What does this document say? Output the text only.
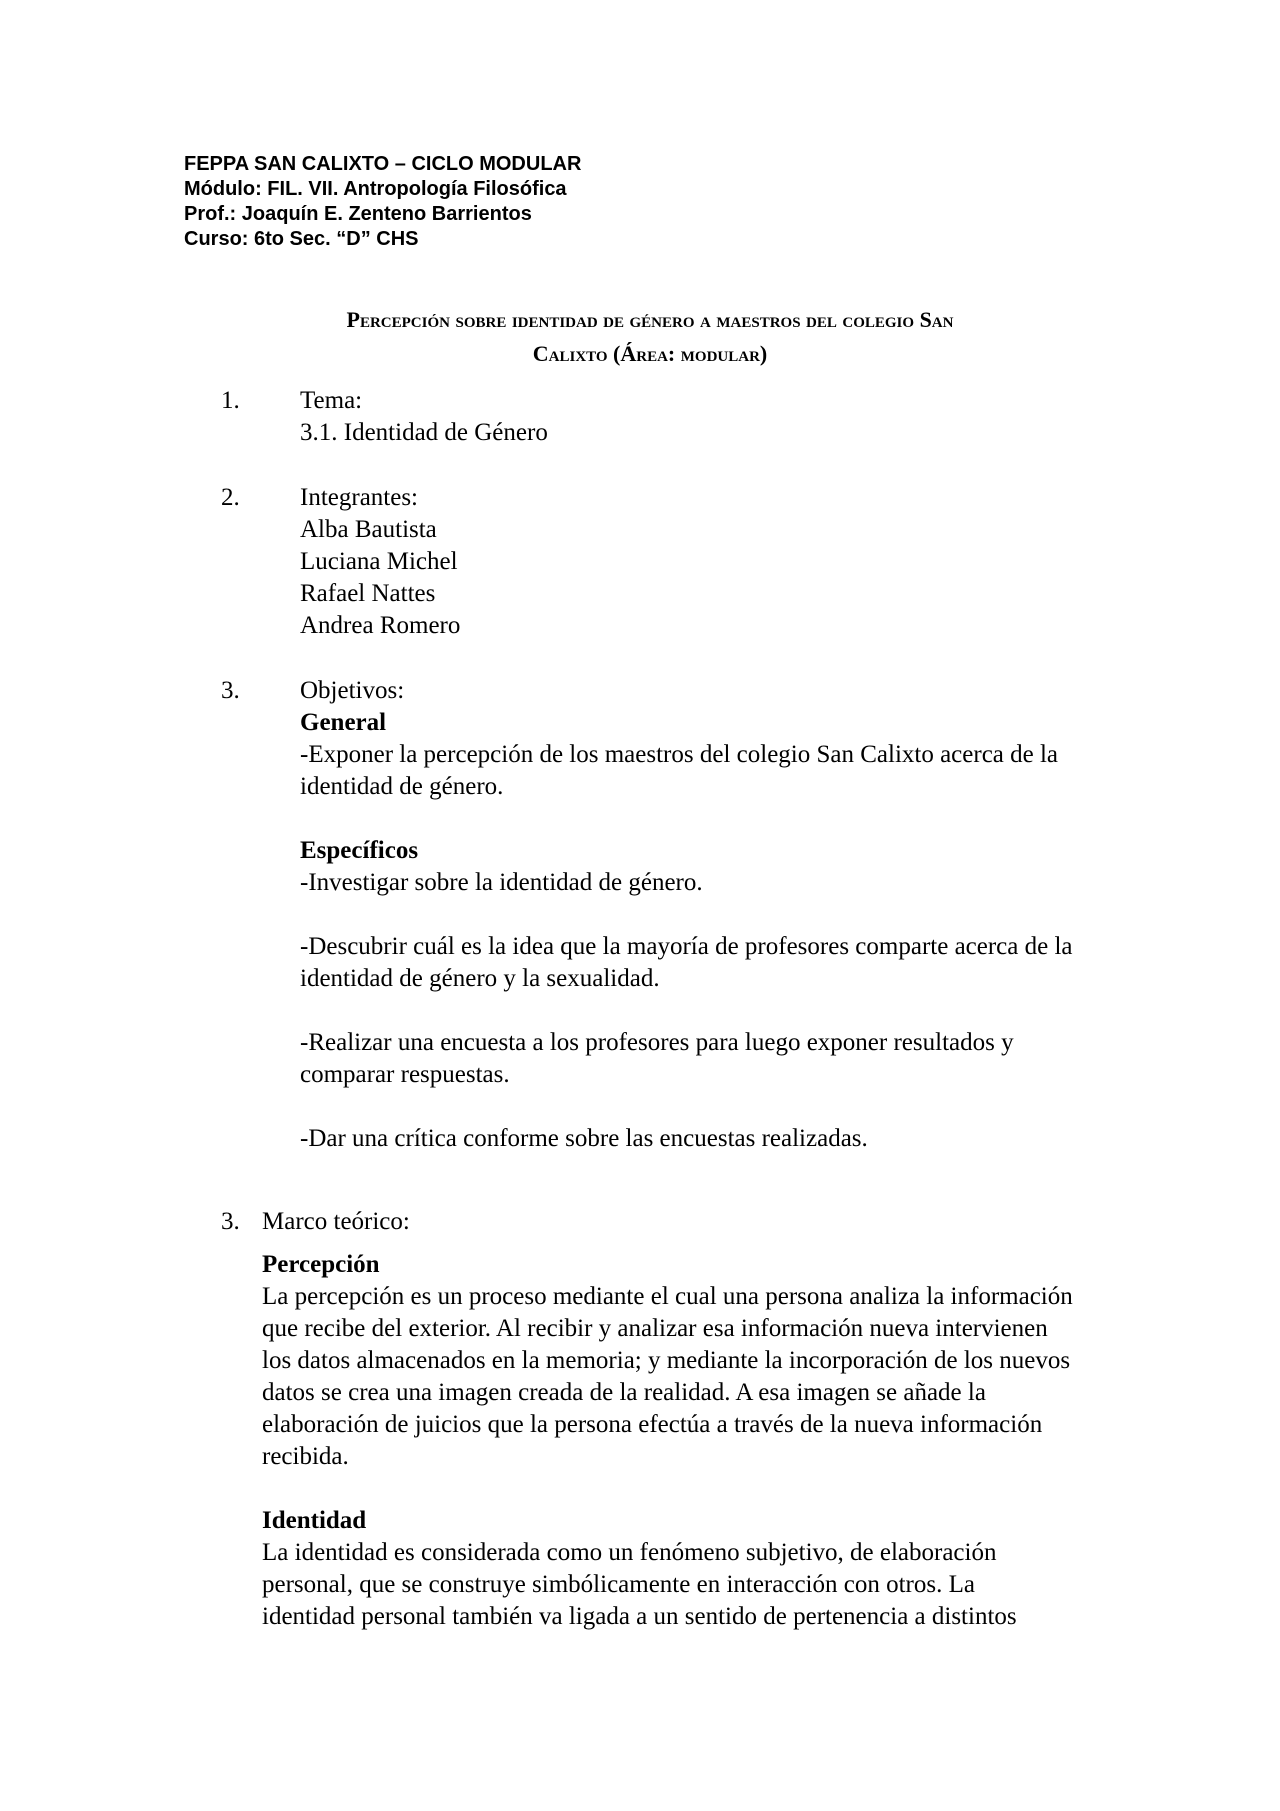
FEPPA SAN CALIXTO – CICLO MODULAR
Módulo: FIL. VII. Antropología Filosófica
Prof.: Joaquín E. Zenteno Barrientos
Curso: 6to Sec. “D” CHS
Percepción sobre identidad de género a maestros del colegio San
Calixto (Área: modular)
1. Tema:
3.1. Identidad de Género
2. Integrantes:
Alba Bautista
Luciana Michel
Rafael Nattes
Andrea Romero
3. Objetivos:
General
-Exponer la percepción de los maestros del colegio San Calixto acerca de la
identidad de género.
Específicos
-Investigar sobre la identidad de género.
-Descubrir cuál es la idea que la mayoría de profesores comparte acerca de la
identidad de género y la sexualidad.
-Realizar una encuesta a los profesores para luego exponer resultados y
comparar respuestas.
-Dar una crítica conforme sobre las encuestas realizadas.
3. Marco teórico:
Percepción
La percepción es un proceso mediante el cual una persona analiza la información
que recibe del exterior. Al recibir y analizar esa información nueva intervienen
los datos almacenados en la memoria; y mediante la incorporación de los nuevos
datos se crea una imagen creada de la realidad. A esa imagen se añade la
elaboración de juicios que la persona efectúa a través de la nueva información
recibida.
Identidad
La identidad es considerada como un fenómeno subjetivo, de elaboración
personal, que se construye simbólicamente en interacción con otros. La
identidad personal también va ligada a un sentido de pertenencia a distintos
